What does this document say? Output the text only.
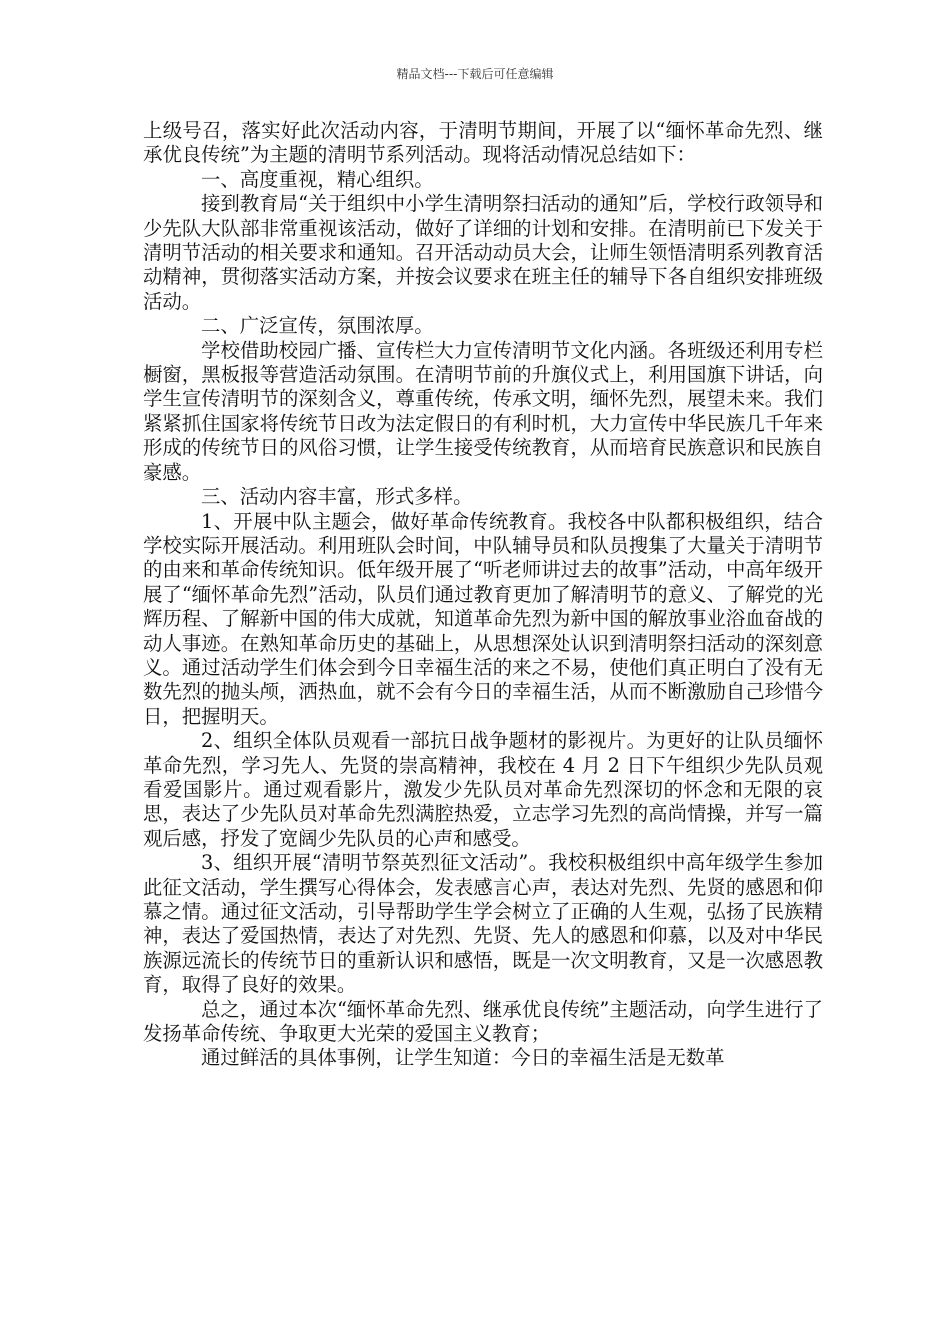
精品文档---下载后可任意编辑

上级号召，落实好此次活动内容，于清明节期间，开展了以“缅怀革命先烈、继承优良传统”为主题的清明节系列活动。现将活动情况总结如下：

一、高度重视，精心组织。

接到教育局“关于组织中小学生清明祭扫活动的通知”后，学校行政领导和少先队大队部非常重视该活动，做好了详细的计划和安排。在清明前已下发关于清明节活动的相关要求和通知。召开活动动员大会，让师生领悟清明系列教育活动精神，贯彻落实活动方案，并按会议要求在班主任的辅导下各自组织安排班级活动。

二、广泛宣传，氛围浓厚。

学校借助校园广播、宣传栏大力宣传清明节文化内涵。各班级还利用专栏橱窗，黑板报等营造活动氛围。在清明节前的升旗仪式上，利用国旗下讲话，向学生宣传清明节的深刻含义，尊重传统，传承文明，缅怀先烈，展望未来。我们紧紧抓住国家将传统节日改为法定假日的有利时机，大力宣传中华民族几千年来形成的传统节日的风俗习惯，让学生接受传统教育，从而培育民族意识和民族自豪感。

三、活动内容丰富，形式多样。

1、开展中队主题会，做好革命传统教育。我校各中队都积极组织，结合学校实际开展活动。利用班队会时间，中队辅导员和队员搜集了大量关于清明节的由来和革命传统知识。低年级开展了“听老师讲过去的故事”活动，中高年级开展了“缅怀革命先烈”活动，队员们通过教育更加了解清明节的意义、了解党的光辉历程、了解新中国的伟大成就，知道革命先烈为新中国的解放事业浴血奋战的动人事迹。在熟知革命历史的基础上，从思想深处认识到清明祭扫活动的深刻意义。通过活动学生们体会到今日幸福生活的来之不易，使他们真正明白了没有无数先烈的抛头颅，洒热血，就不会有今日的幸福生活，从而不断激励自己珍惜今日，把握明天。

2、组织全体队员观看一部抗日战争题材的影视片。为更好的让队员缅怀革命先烈，学习先人、先贤的崇高精神，我校在 4 月 2 日下午组织少先队员观看爱国影片。通过观看影片，激发少先队员对革命先烈深切的怀念和无限的哀思，表达了少先队员对革命先烈满腔热爱，立志学习先烈的高尚情操，并写一篇观后感，抒发了宽阔少先队员的心声和感受。

3、组织开展“清明节祭英烈征文活动”。我校积极组织中高年级学生参加此征文活动，学生撰写心得体会，发表感言心声，表达对先烈、先贤的感恩和仰慕之情。通过征文活动，引导帮助学生学会树立了正确的人生观，弘扬了民族精神，表达了爱国热情，表达了对先烈、先贤、先人的感恩和仰慕，以及对中华民族源远流长的传统节日的重新认识和感悟，既是一次文明教育，又是一次感恩教育，取得了良好的效果。

总之，通过本次“缅怀革命先烈、继承优良传统”主题活动，向学生进行了发扬革命传统、争取更大光荣的爱国主义教育；

通过鲜活的具体事例，让学生知道：今日的幸福生活是无数革
